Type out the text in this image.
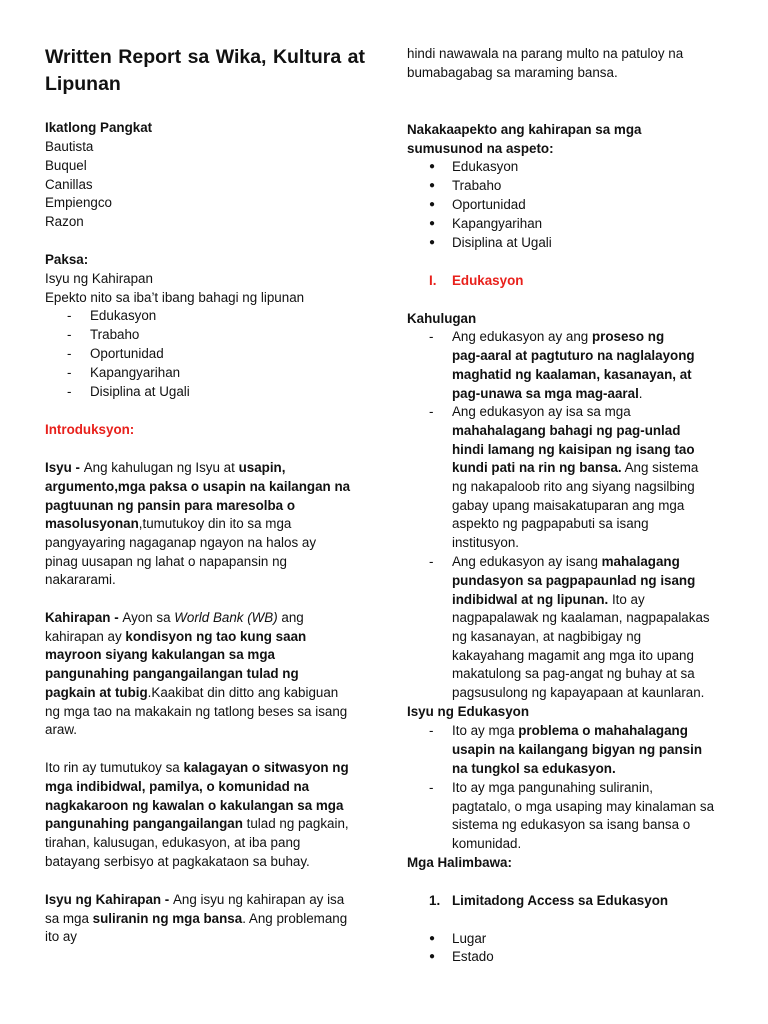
Written Report sa Wika, Kultura at Lipunan
Ikatlong Pangkat
Bautista
Buquel
Canillas
Empiengco
Razon
Paksa:
Isyu ng Kahirapan
Epekto nito sa iba’t ibang bahagi ng lipunan
- Edukasyon
- Trabaho
- Oportunidad
- Kapangyarihan
- Disiplina at Ugali
Introduksyon:
Isyu - Ang kahulugan ng Isyu at usapin,
argumento,mga paksa o usapin na kailangan na
pagtuunan ng pansin para maresolba o
masolusyonan,tumutukoy din ito sa mga
pangyayaring nagaganap ngayon na halos ay
pinag uusapan ng lahat o napapansin ng
nakararami.
Kahirapan - Ayon sa World Bank (WB) ang
kahirapan ay kondisyon ng tao kung saan
mayroon siyang kakulangan sa mga
pangunahing pangangailangan tulad ng
pagkain at tubig.Kaakibat din ditto ang kabiguan
ng mga tao na makakain ng tatlong beses sa isang
araw.
Ito rin ay tumutukoy sa kalagayan o sitwasyon ng
mga indibidwal, pamilya, o komunidad na
nagkakaroon ng kawalan o kakulangan sa mga
pangunahing pangangailangan tulad ng pagkain,
tirahan, kalusugan, edukasyon, at iba pang
batayang serbisyo at pagkakataon sa buhay.
Isyu ng Kahirapan - Ang isyu ng kahirapan ay isa
sa mga suliranin ng mga bansa. Ang problemang
ito ay
hindi nawawala na parang multo na patuloy na
bumabagabag sa maraming bansa.
Nakakaapekto ang kahirapan sa mga
sumusunod na aspeto:
● Edukasyon
● Trabaho
● Oportunidad
● Kapangyarihan
● Disiplina at Ugali
I. Edukasyon
Kahulugan
- Ang edukasyon ay ang proseso ng
pag-aaral at pagtuturo na naglalayong
maghatid ng kaalaman, kasanayan, at
pag-unawa sa mga mag-aaral.
- Ang edukasyon ay isa sa mga
mahahalagang bahagi ng pag-unlad
hindi lamang ng kaisipan ng isang tao
kundi pati na rin ng bansa. Ang sistema
ng nakapaloob rito ang siyang nagsilbing
gabay upang maisakatuparan ang mga
aspekto ng pagpapabuti sa isang
institusyon.
- Ang edukasyon ay isang mahalagang
pundasyon sa pagpapaunlad ng isang
indibidwal at ng lipunan. Ito ay
nagpapalawak ng kaalaman, nagpapalakas
ng kasanayan, at nagbibigay ng
kakayahang magamit ang mga ito upang
makatulong sa pag-angat ng buhay at sa
pagsusulong ng kapayapaan at kaunlaran.
Isyu ng Edukasyon
- Ito ay mga problema o mahahalagang
usapin na kailangang bigyan ng pansin
na tungkol sa edukasyon.
- Ito ay mga pangunahing suliranin,
pagtatalo, o mga usaping may kinalaman sa
sistema ng edukasyon sa isang bansa o
komunidad.
Mga Halimbawa:
1. Limitadong Access sa Edukasyon
● Lugar
● Estado
